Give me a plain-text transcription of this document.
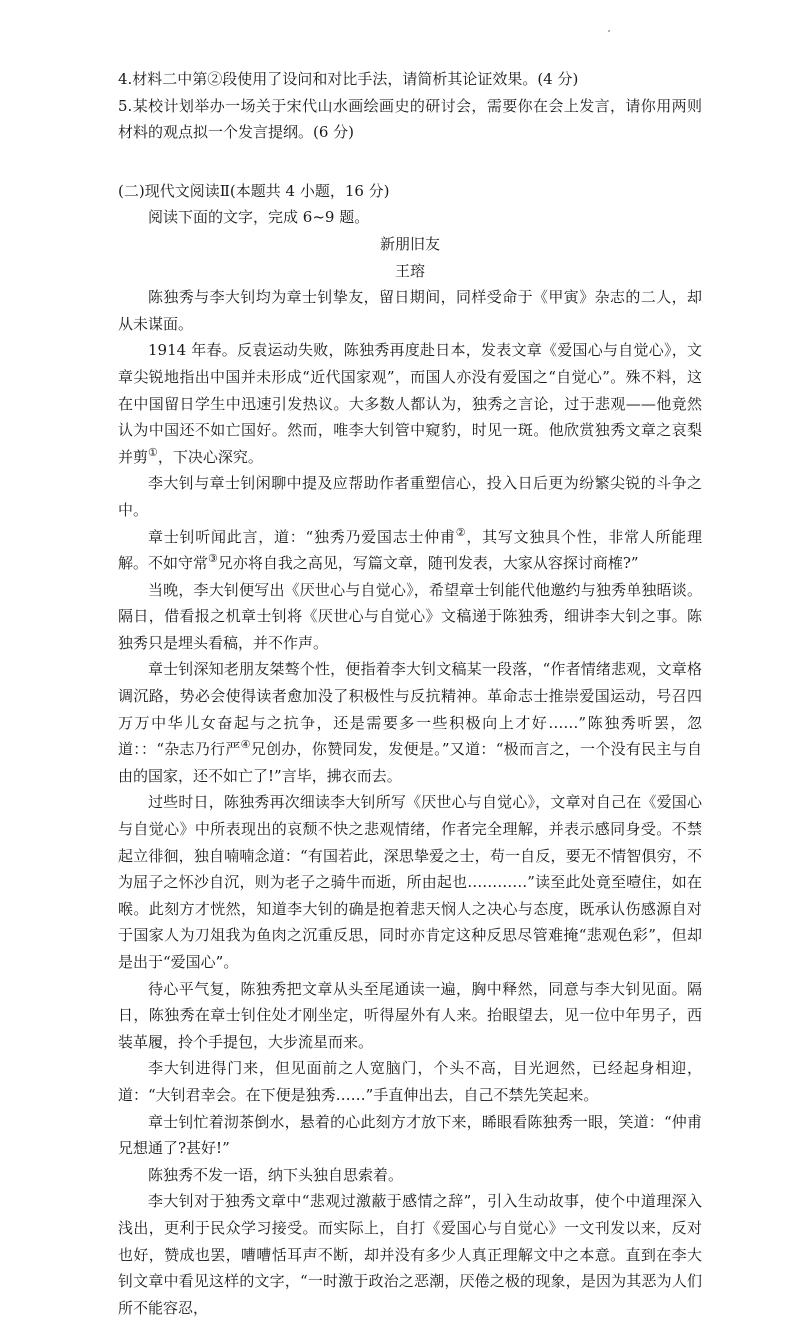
4.材料二中第②段使用了设问和对比手法，请简析其论证效果。(4 分)

5.某校计划举办一场关于宋代山水画绘画史的研讨会，需要你在会上发言，请你用两则材料的观点拟一个发言提纲。(6 分)

(二)现代文阅读Ⅱ(本题共 4 小题，16 分)

阅读下面的文字，完成 6~9 题。

新朋旧友

王瑢

陈独秀与李大钊均为章士钊挚友，留日期间，同样受命于《甲寅》杂志的二人，却从未谋面。

1914 年春。反袁运动失败，陈独秀再度赴日本，发表文章《爱国心与自觉心》，文章尖锐地指出中国并未形成“近代国家观”，而国人亦没有爱国之“自觉心”。殊不料，这在中国留日学生中迅速引发热议。大多数人都认为，独秀之言论，过于悲观——他竟然认为中国还不如亡国好。然而，唯李大钊管中窥豹，时见一斑。他欣赏独秀文章之哀梨并剪①，下决心深究。

李大钊与章士钊闲聊中提及应帮助作者重塑信心，投入日后更为纷繁尖锐的斗争之中。

章士钊听闻此言，道：“独秀乃爱国志士仲甫②，其写文独具个性，非常人所能理解。不如守常③兄亦将自我之高见，写篇文章，随刊发表，大家从容探讨商榷?”

当晚，李大钊便写出《厌世心与自觉心》，希望章士钊能代他邀约与独秀单独晤谈。隔日，借看报之机章士钊将《厌世心与自觉心》文稿递于陈独秀，细讲李大钊之事。陈独秀只是埋头看稿，并不作声。

章士钊深知老朋友桀骜个性，便指着李大钊文稿某一段落，“作者情绪悲观，文章格调沉路，势必会使得读者愈加没了积极性与反抗精神。革命志士推崇爱国运动，号召四万万中华儿女奋起与之抗争，还是需要多一些积极向上才好……”陈独秀听罢，忽道：：“杂志乃行严④兄创办，你赞同发，发便是。”又道：“极而言之，一个没有民主与自由的国家，还不如亡了!”言毕，拂衣而去。

过些时日，陈独秀再次细读李大钊所写《厌世心与自觉心》，文章对自己在《爱国心与自觉心》中所表现出的哀颓不快之悲观情绪，作者完全理解，并表示感同身受。不禁起立徘徊，独自喃喃念道：“有国若此，深思挚爱之士，苟一自反，要无不情智俱穷，不为屈子之怀沙自沉，则为老子之骑牛而逝，所由起也…………”读至此处竟至噎住，如在喉。此刻方才恍然，知道李大钊的确是抱着悲天悯人之决心与态度，既承认伤感源自对于国家人为刀俎我为鱼肉之沉重反思，同时亦肯定这种反思尽管难掩“悲观色彩”，但却是出于“爱国心”。

待心平气复，陈独秀把文章从头至尾通读一遍，胸中释然，同意与李大钊见面。隔日，陈独秀在章士钊住处才刚坐定，听得屋外有人来。抬眼望去，见一位中年男子，西装革履，拎个手提包，大步流星而来。

李大钊进得门来，但见面前之人宽脑门，个头不高，目光迥然，已经起身相迎，道：“大钊君幸会。在下便是独秀……”手直伸出去，自己不禁先笑起来。

章士钊忙着沏茶倒水，悬着的心此刻方才放下来，睎眼看陈独秀一眼，笑道：“仲甫兄想通了?甚好!”

陈独秀不发一语，纳下头独自思索着。

李大钊对于独秀文章中“悲观过激蔽于感情之辞”，引入生动故事，使个中道理深入浅出，更利于民众学习接受。而实际上，自打《爱国心与自觉心》一文刊发以来，反对也好，赞成也罢，嘈嘈恬耳声不断，却并没有多少人真正理解文中之本意。直到在李大钊文章中看见这样的文字，“一时激于政治之恶潮，厌倦之极的现象，是因为其恶为人们所不能容忍，
